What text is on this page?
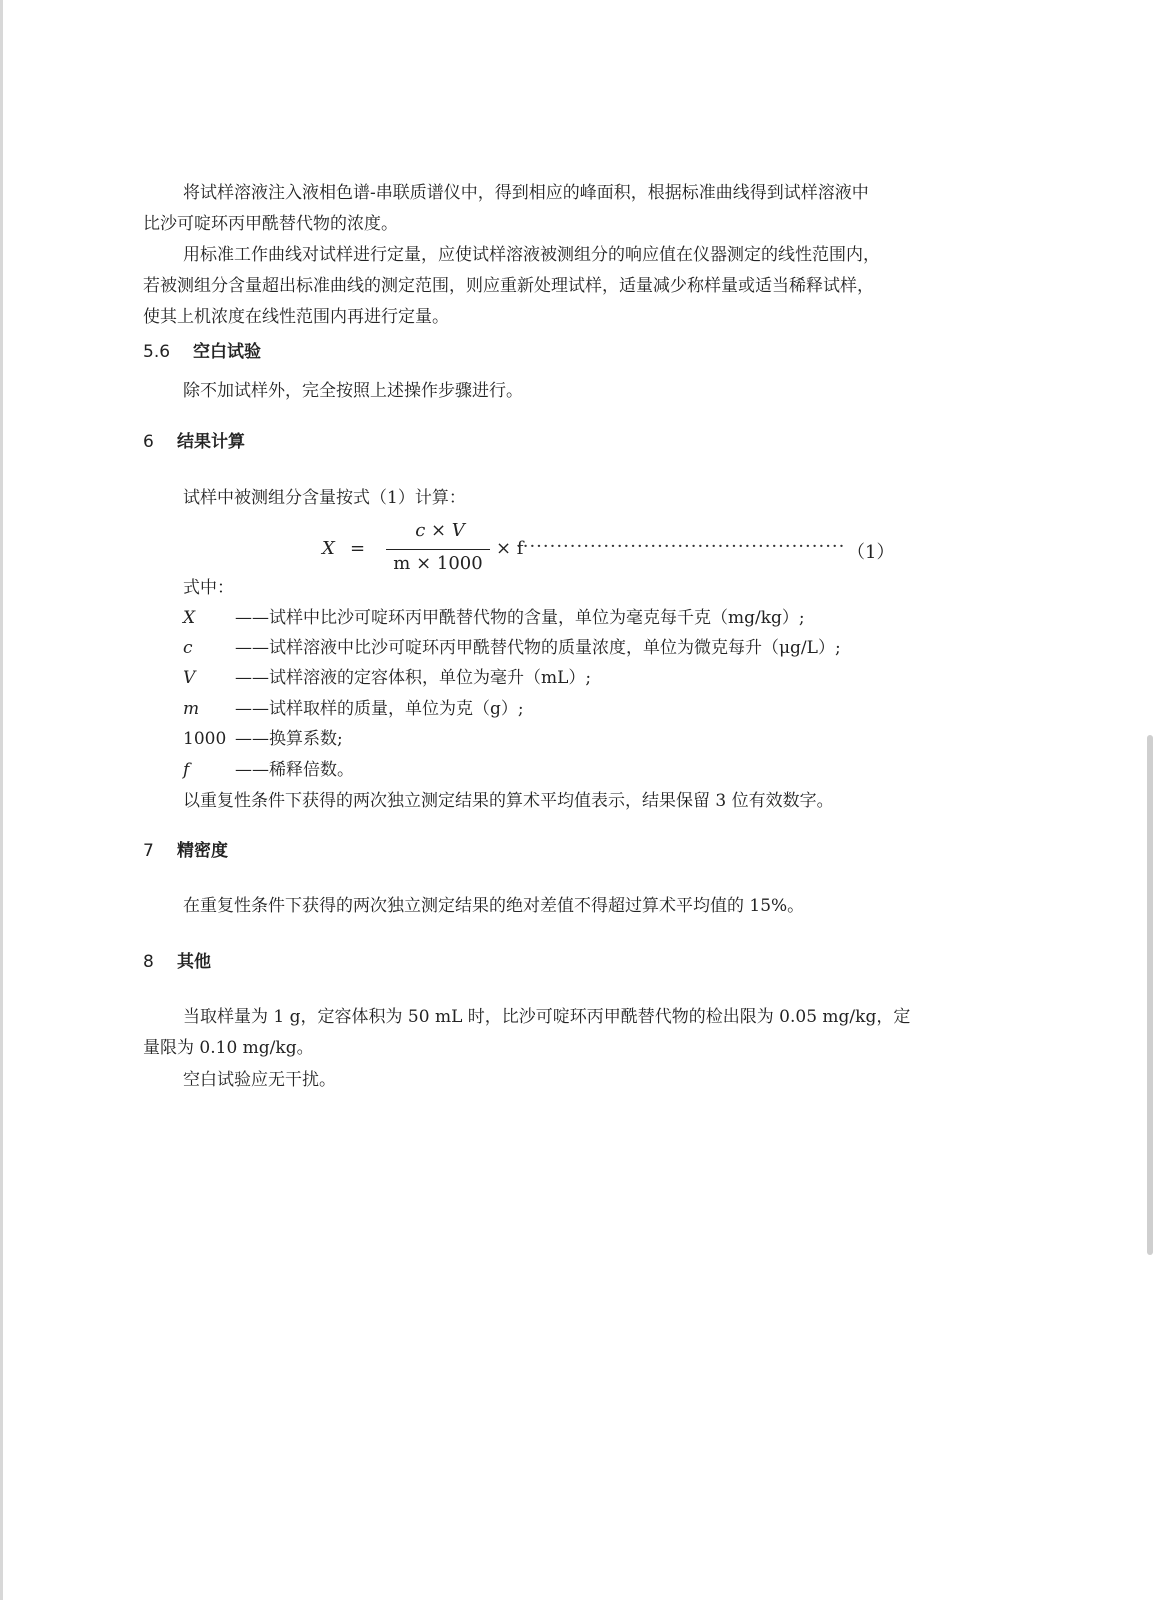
将试样溶液注入液相色谱-串联质谱仪中，得到相应的峰面积，根据标准曲线得到试样溶液中
比沙可啶环丙甲酰替代物的浓度。
用标准工作曲线对试样进行定量，应使试样溶液被测组分的响应值在仪器测定的线性范围内，
若被测组分含量超出标准曲线的测定范围，则应重新处理试样，适量减少称样量或适当稀释试样，
使其上机浓度在线性范围内再进行定量。
5.6 空白试验
除不加试样外，完全按照上述操作步骤进行。
6 结果计算
试样中被测组分含量按式（1）计算：
X =
c × V
m × 1000
× f
················································· （1）
式中：
X ——试样中比沙可啶环丙甲酰替代物的含量，单位为毫克每千克（mg/kg）;
c ——试样溶液中比沙可啶环丙甲酰替代物的质量浓度，单位为微克每升（μg/L）;
V ——试样溶液的定容体积，单位为毫升（mL）;
m ——试样取样的质量，单位为克（g）;
1000 ——换算系数;
f	——稀释倍数。
以重复性条件下获得的两次独立测定结果的算术平均值表示，结果保留 3 位有效数字。
7 精密度
在重复性条件下获得的两次独立测定结果的绝对差值不得超过算术平均值的 15%。
8 其他
当取样量为 1 g，定容体积为 50 mL 时，比沙可啶环丙甲酰替代物的检出限为 0.05 mg/kg，定
量限为 0.10 mg/kg。
空白试验应无干扰。
